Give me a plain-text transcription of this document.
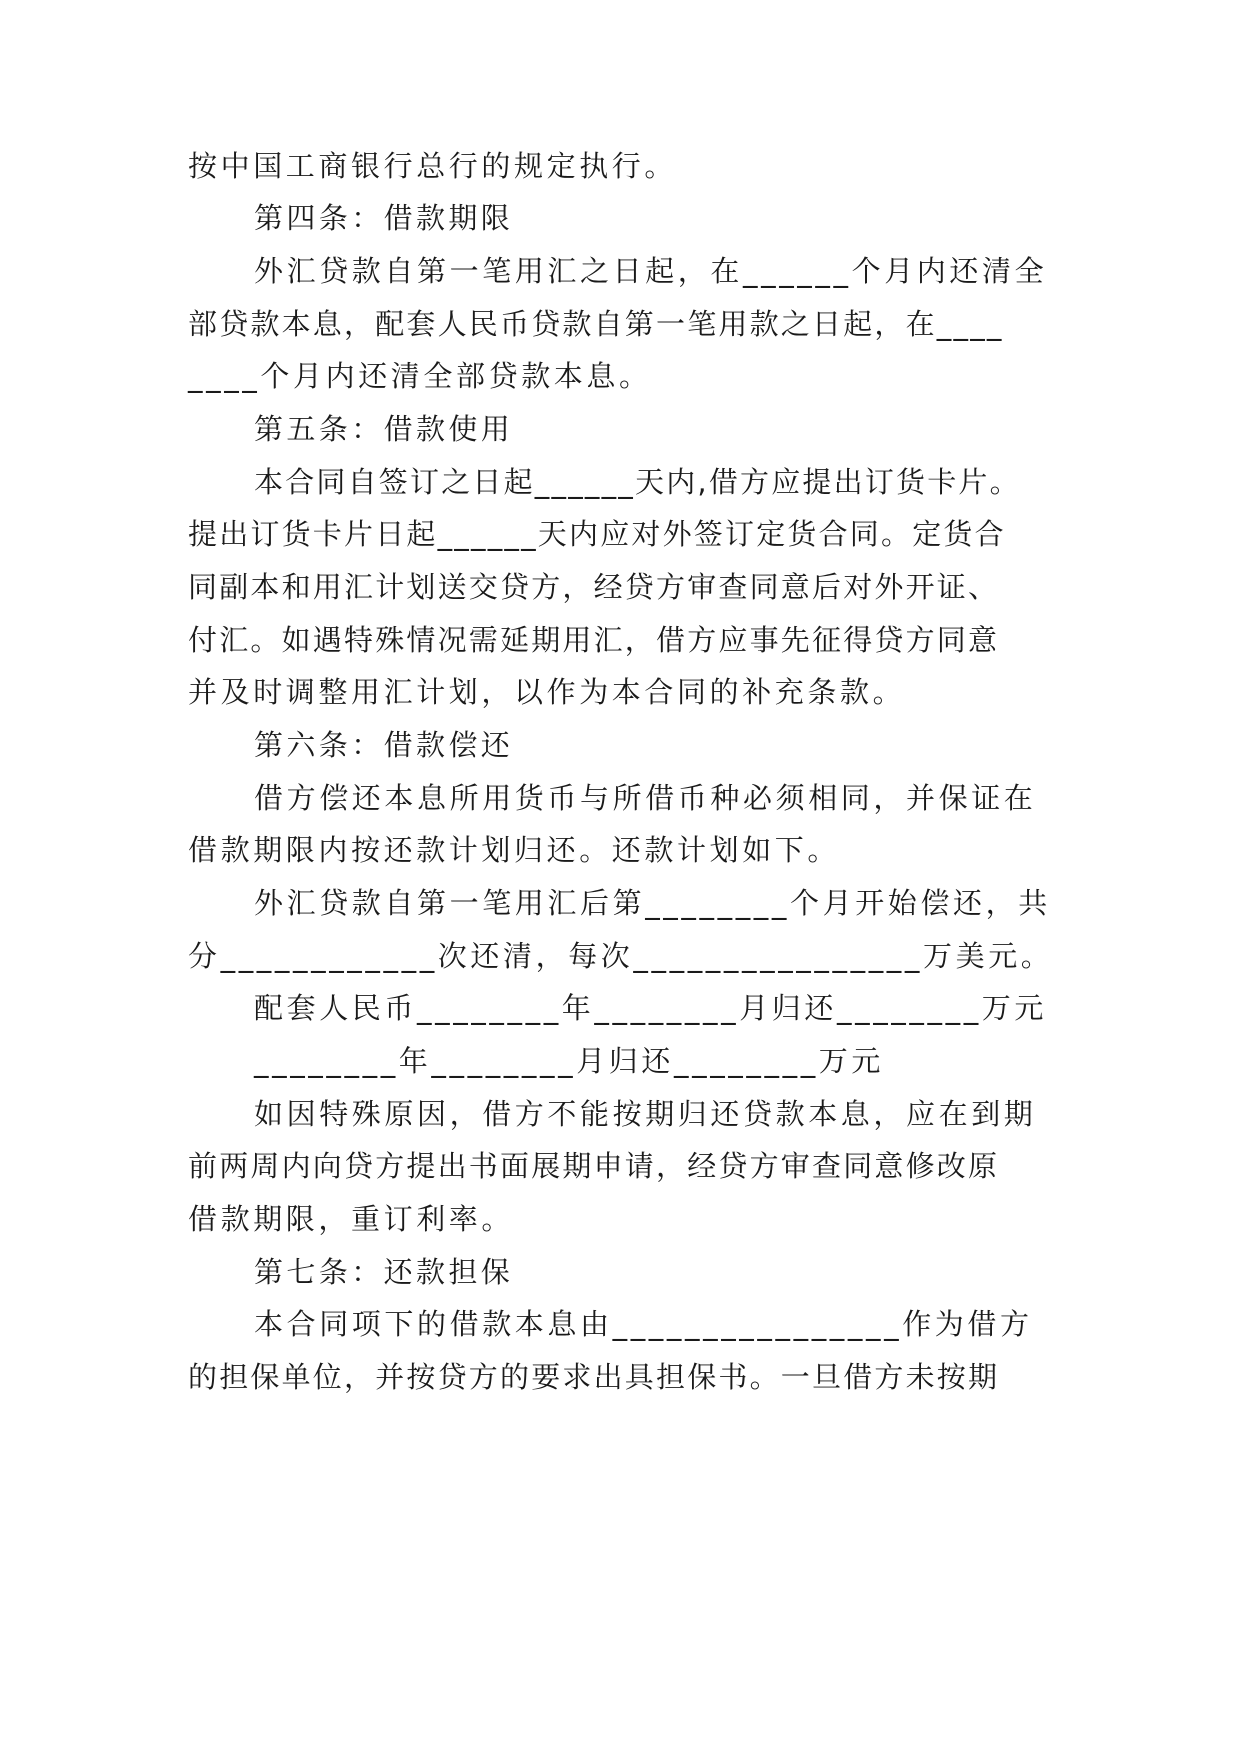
按中国工商银行总行的规定执行。
第四条：借款期限
外汇贷款自第一笔用汇之日起，在______个月内还清全
部贷款本息，配套人民币贷款自第一笔用款之日起，在____
____个月内还清全部贷款本息。
第五条：借款使用
本合同自签订之日起______天内,借方应提出订货卡片。
提出订货卡片日起______天内应对外签订定货合同。定货合
同副本和用汇计划送交贷方，经贷方审查同意后对外开证、
付汇。如遇特殊情况需延期用汇，借方应事先征得贷方同意
并及时调整用汇计划，以作为本合同的补充条款。
第六条：借款偿还
借方偿还本息所用货币与所借币种必须相同，并保证在
借款期限内按还款计划归还。还款计划如下。
外汇贷款自第一笔用汇后第________个月开始偿还，共
分____________次还清，每次________________万美元。
配套人民币________年________月归还________万元
________年________月归还________万元
如因特殊原因，借方不能按期归还贷款本息，应在到期
前两周内向贷方提出书面展期申请，经贷方审查同意修改原
借款期限，重订利率。
第七条：还款担保
本合同项下的借款本息由________________作为借方
的担保单位，并按贷方的要求出具担保书。一旦借方未按期
